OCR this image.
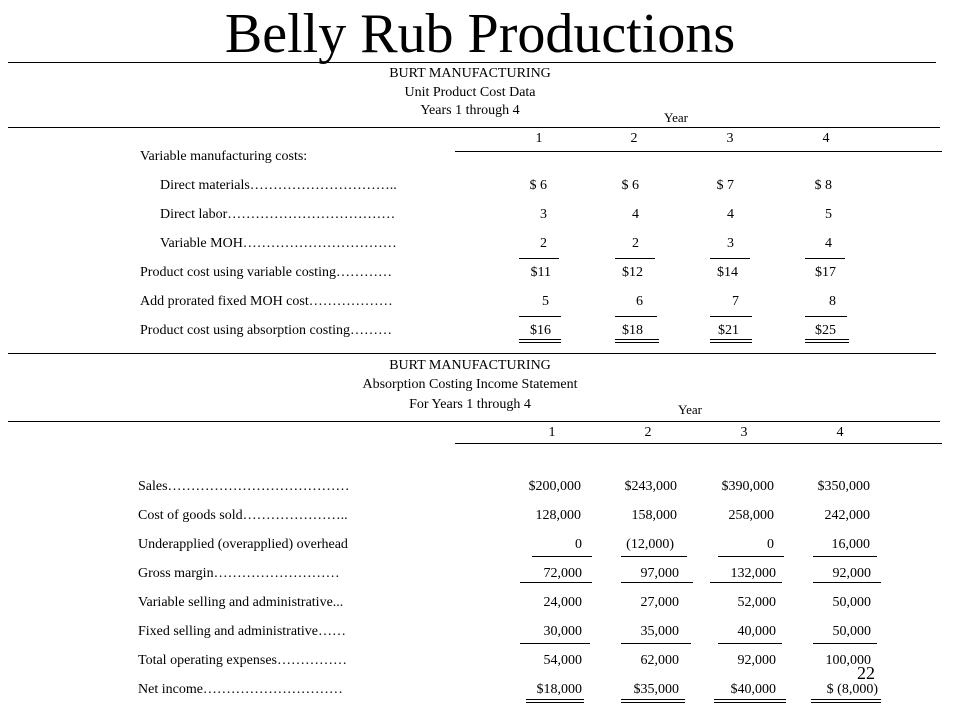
Belly Rub Productions
BURT MANUFACTURING
Unit Product Cost Data
Years 1 through 4	Year
1	2	3	4
Variable manufacturing costs:
Direct materials…………………………..	$ 6	$ 6	$ 7	$ 8
Direct labor………………………………	3	4	4	5
Variable MOH……………………………	2	2	3	4
Product cost using variable costing…………	$11	$12	$14	$17
Add prorated fixed MOH cost………………	5	6	7	8
Product cost using absorption costing………	$16	$18	$21	$25
BURT MANUFACTURING
Absorption Costing Income Statement
For Years 1 through 4	Year
1	2	3	4
Sales…………………………………	$200,000	$243,000	$390,000	$350,000
Cost of goods sold…………………..	128,000	158,000	258,000	242,000
Underapplied (overapplied) overhead	0	(12,000)	0	16,000
Gross margin………………………	72,000	97,000	132,000	92,000
Variable selling and administrative...	24,000	27,000	52,000	50,000
Fixed selling and administrative……	30,000	35,000	40,000	50,000
Total operating expenses……………	54,000	62,000	92,000	100,000
Net income…………………………	$18,000	$35,000	$40,000	$ (8,000)
22
